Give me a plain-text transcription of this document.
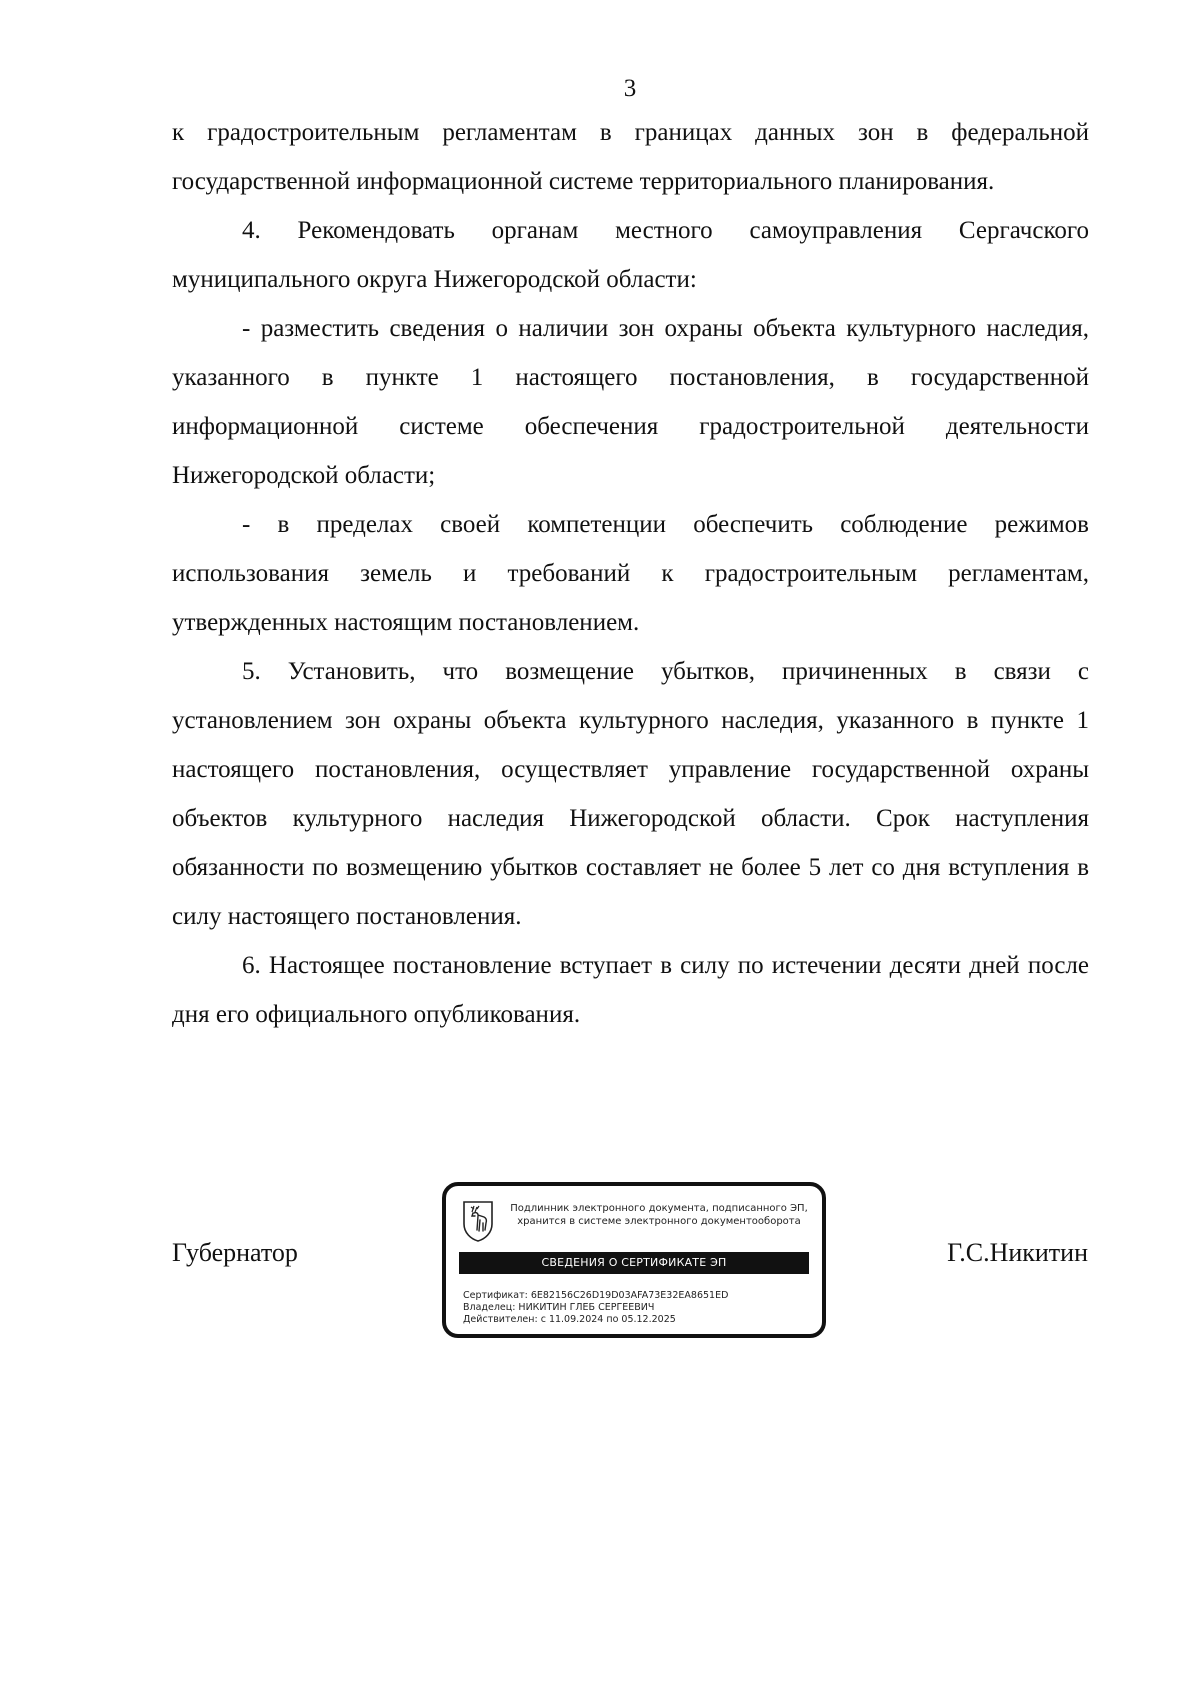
3

к градостроительным регламентам в границах данных зон в федеральной государственной информационной системе территориального планирования.

4. Рекомендовать органам местного самоуправления Сергачского муниципального округа Нижегородской области:

- разместить сведения о наличии зон охраны объекта культурного наследия, указанного в пункте 1 настоящего постановления, в государственной информационной системе обеспечения градостроительной деятельности Нижегородской области;

- в пределах своей компетенции обеспечить соблюдение режимов использования земель и требований к градостроительным регламентам, утвержденных настоящим постановлением.

5. Установить, что возмещение убытков, причиненных в связи с установлением зон охраны объекта культурного наследия, указанного в пункте 1 настоящего постановления, осуществляет управление государственной охраны объектов культурного наследия Нижегородской области. Срок наступления обязанности по возмещению убытков составляет не более 5 лет со дня вступления в силу настоящего постановления.

6. Настоящее постановление вступает в силу по истечении десяти дней после дня его официального опубликования.

Губернатор
Подлинник электронного документа, подписанного ЭП,
хранится в системе электронного документооборота
СВЕДЕНИЯ О СЕРТИФИКАТЕ ЭП
Сертификат: 6E82156C26D19D03AFA73E32EA8651ED
Владелец: НИКИТИН ГЛЕБ СЕРГЕЕВИЧ
Действителен: с 11.09.2024 по 05.12.2025
Г.С.Никитин
